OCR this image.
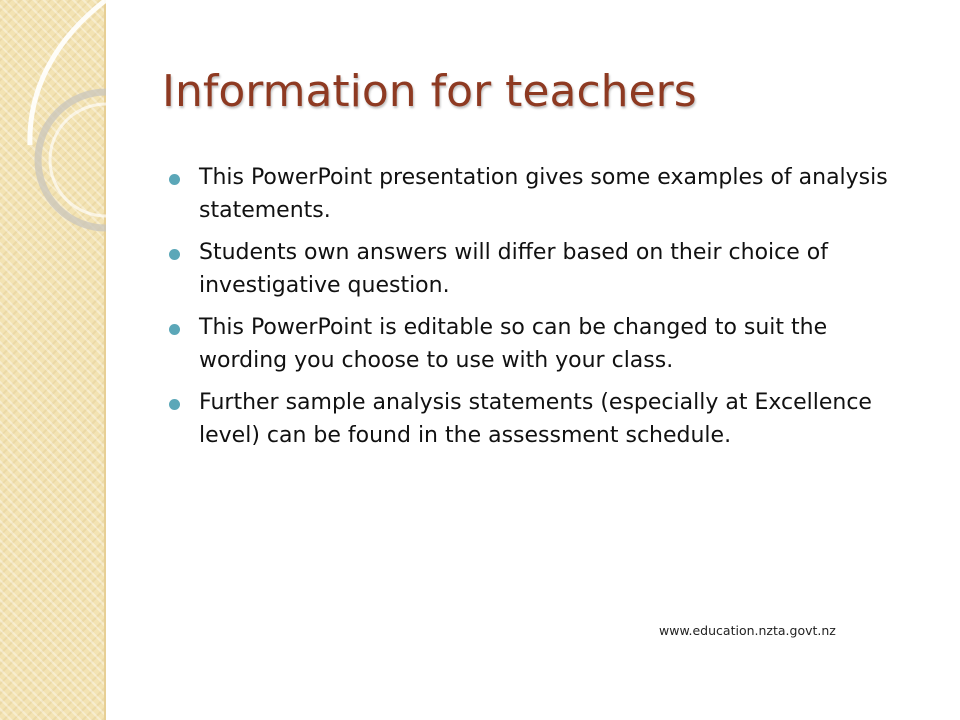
Information for teachers
This PowerPoint presentation gives some examples of analysis statements.
Students own answers will differ based on their choice of investigative question.
This PowerPoint is editable so can be changed to suit the wording you choose to use with your class.
Further sample analysis statements (especially at Excellence level) can be found in the assessment schedule.
www.education.nzta.govt.nz
